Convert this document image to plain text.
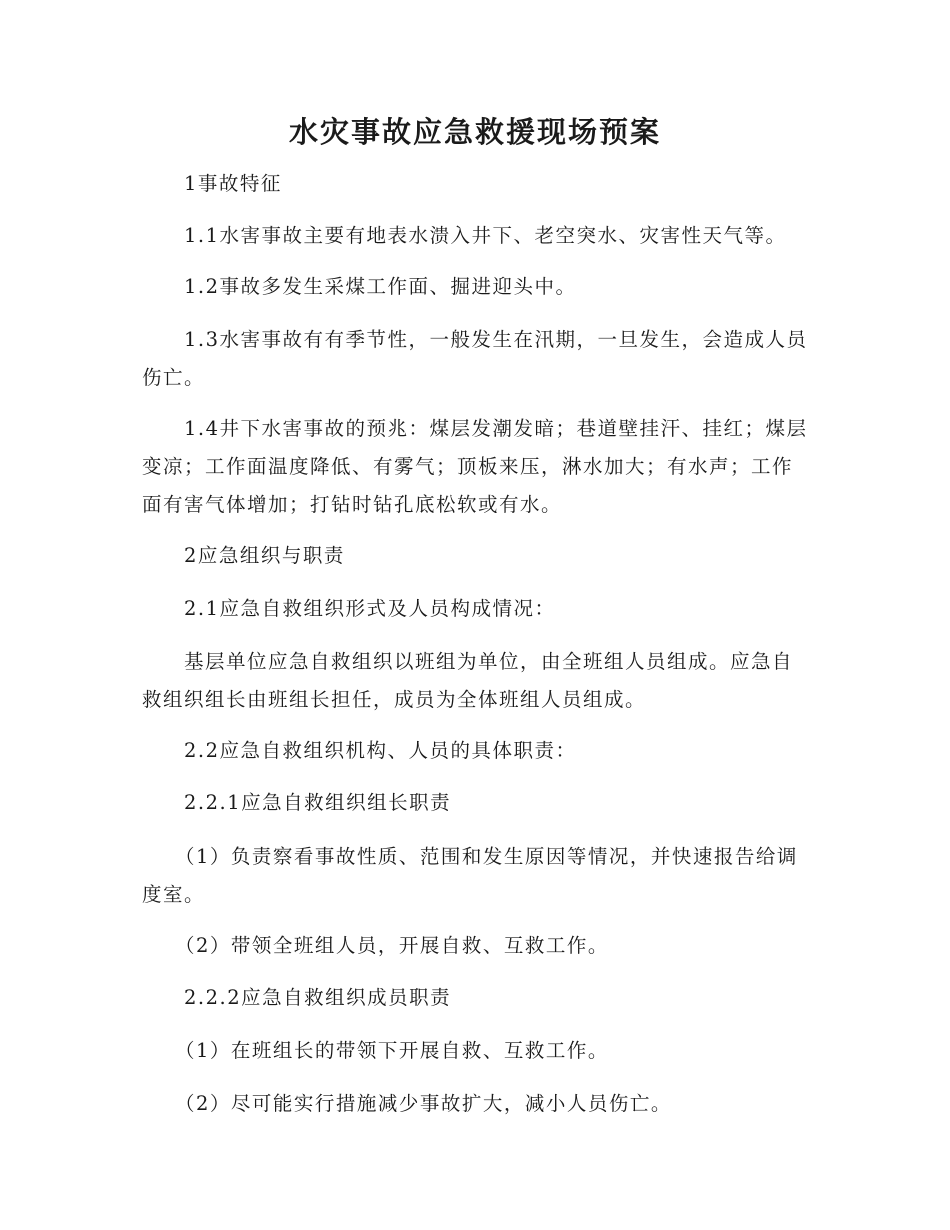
水灾事故应急救援现场预案

1事故特征

1.1水害事故主要有地表水溃入井下、老空突水、灾害性天气等。

1.2事故多发生采煤工作面、掘进迎头中。

1.3水害事故有有季节性，一般发生在汛期，一旦发生，会造成人员伤亡。

1.4井下水害事故的预兆：煤层发潮发暗；巷道壁挂汗、挂红；煤层变凉；工作面温度降低、有雾气；顶板来压，淋水加大；有水声；工作面有害气体增加；打钻时钻孔底松软或有水。

2应急组织与职责

2.1应急自救组织形式及人员构成情况：

基层单位应急自救组织以班组为单位，由全班组人员组成。应急自救组织组长由班组长担任，成员为全体班组人员组成。

2.2应急自救组织机构、人员的具体职责：

2.2.1应急自救组织组长职责

（1）负责察看事故性质、范围和发生原因等情况，并快速报告给调度室。

（2）带领全班组人员，开展自救、互救工作。

2.2.2应急自救组织成员职责

（1）在班组长的带领下开展自救、互救工作。

（2）尽可能实行措施减少事故扩大，减小人员伤亡。
